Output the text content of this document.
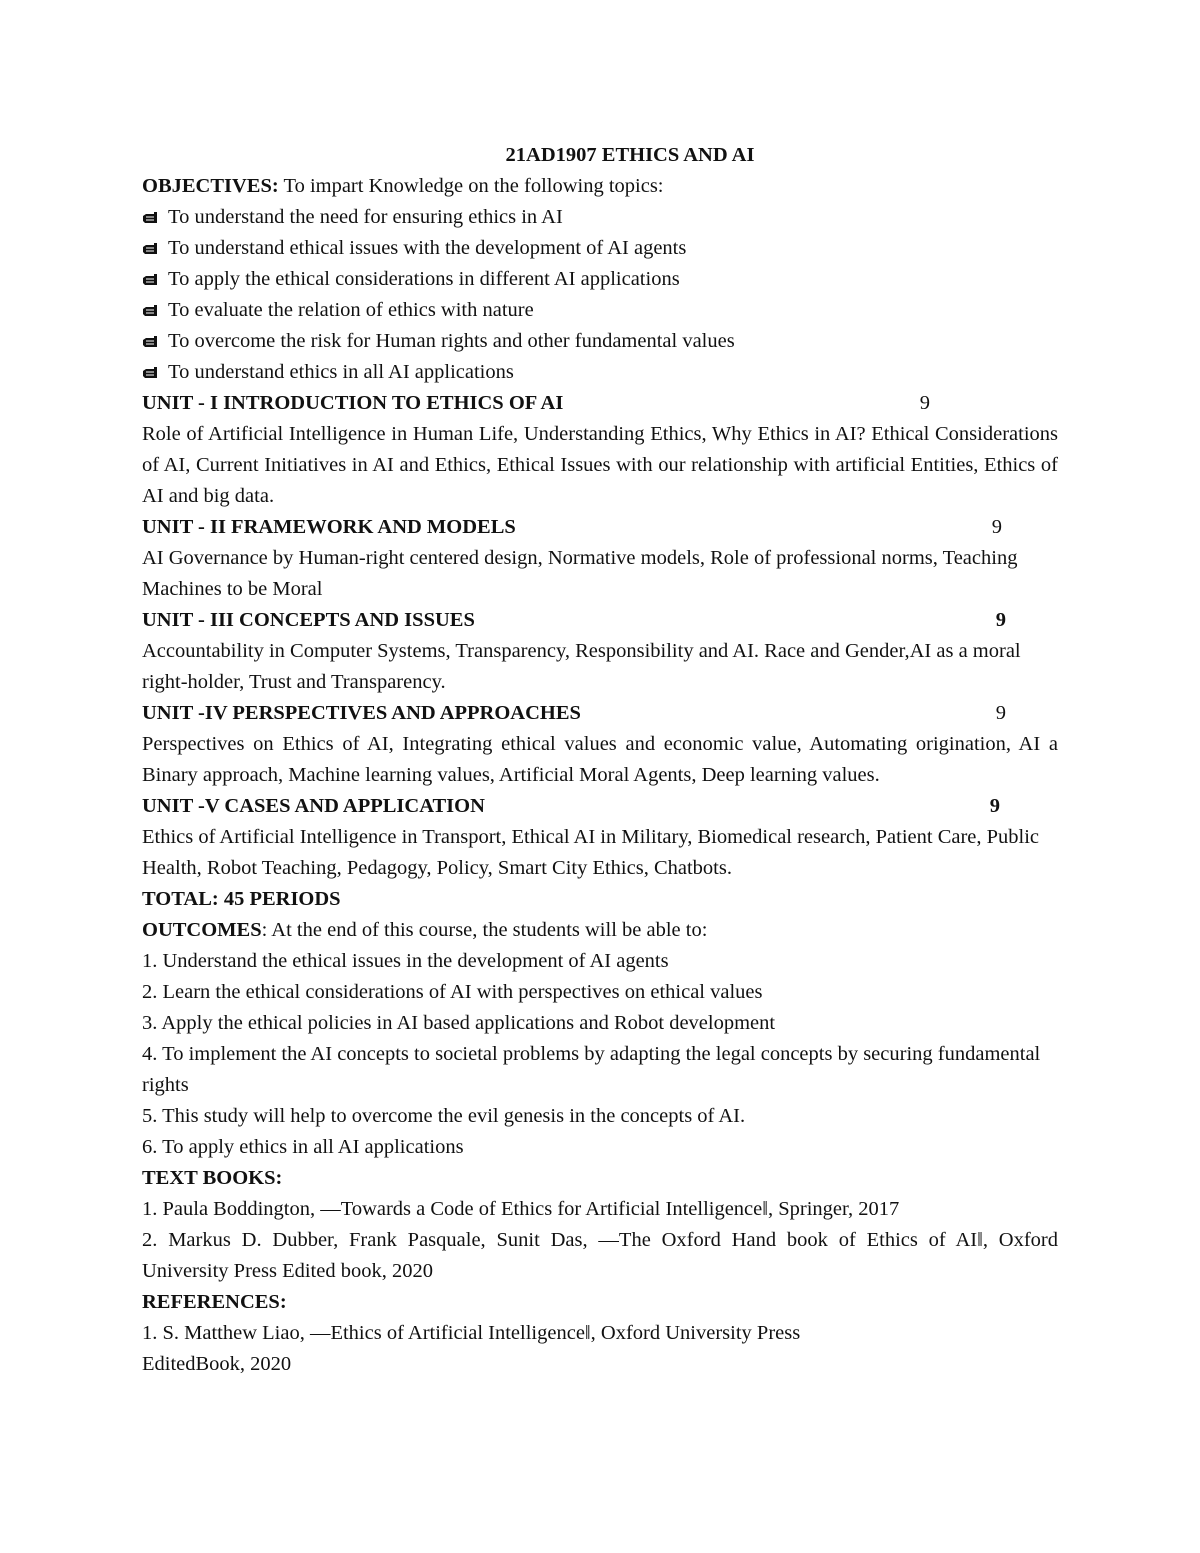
21AD1907 ETHICS AND AI
OBJECTIVES: To impart Knowledge on the following topics:
To understand the need for ensuring ethics in AI
To understand ethical issues with the development of AI agents
To apply the ethical considerations in different AI applications
To evaluate the relation of ethics with nature
To overcome the risk for Human rights and other fundamental values
To understand ethics in all AI applications
UNIT - I INTRODUCTION TO ETHICS OF AI	9
Role of Artificial Intelligence in Human Life, Understanding Ethics, Why Ethics in AI? Ethical Considerations of AI, Current Initiatives in AI and Ethics, Ethical Issues with our relationship with artificial Entities, Ethics of AI and big data.
UNIT - II FRAMEWORK AND MODELS	9
AI Governance by Human-right centered design, Normative models, Role of professional norms, Teaching Machines to be Moral
UNIT - III CONCEPTS AND ISSUES	9
Accountability in Computer Systems, Transparency, Responsibility and AI. Race and Gender,AI as a moral right-holder, Trust and Transparency.
UNIT -IV PERSPECTIVES AND APPROACHES	9
Perspectives on Ethics of AI, Integrating ethical values and economic value, Automating origination, AI a Binary approach, Machine learning values, Artificial Moral Agents, Deep learning values.
UNIT -V CASES AND APPLICATION	9
Ethics of Artificial Intelligence in Transport, Ethical AI in Military, Biomedical research, Patient Care, Public Health, Robot Teaching, Pedagogy, Policy, Smart City Ethics, Chatbots.
TOTAL: 45 PERIODS
OUTCOMES: At the end of this course, the students will be able to:
1. Understand the ethical issues in the development of AI agents
2. Learn the ethical considerations of AI with perspectives on ethical values
3. Apply the ethical policies in AI based applications and Robot development
4. To implement the AI concepts to societal problems by adapting the legal concepts by securing fundamental rights
5. This study will help to overcome the evil genesis in the concepts of AI.
6. To apply ethics in all AI applications
TEXT BOOKS:
1. Paula Boddington, ―Towards a Code of Ethics for Artificial Intelligence‖, Springer, 2017
2. Markus D. Dubber, Frank Pasquale, Sunit Das, ―The Oxford Hand book of Ethics of AI‖, Oxford University Press Edited book, 2020
REFERENCES:
1. S. Matthew Liao, ―Ethics of Artificial Intelligence‖, Oxford University Press
EditedBook, 2020
